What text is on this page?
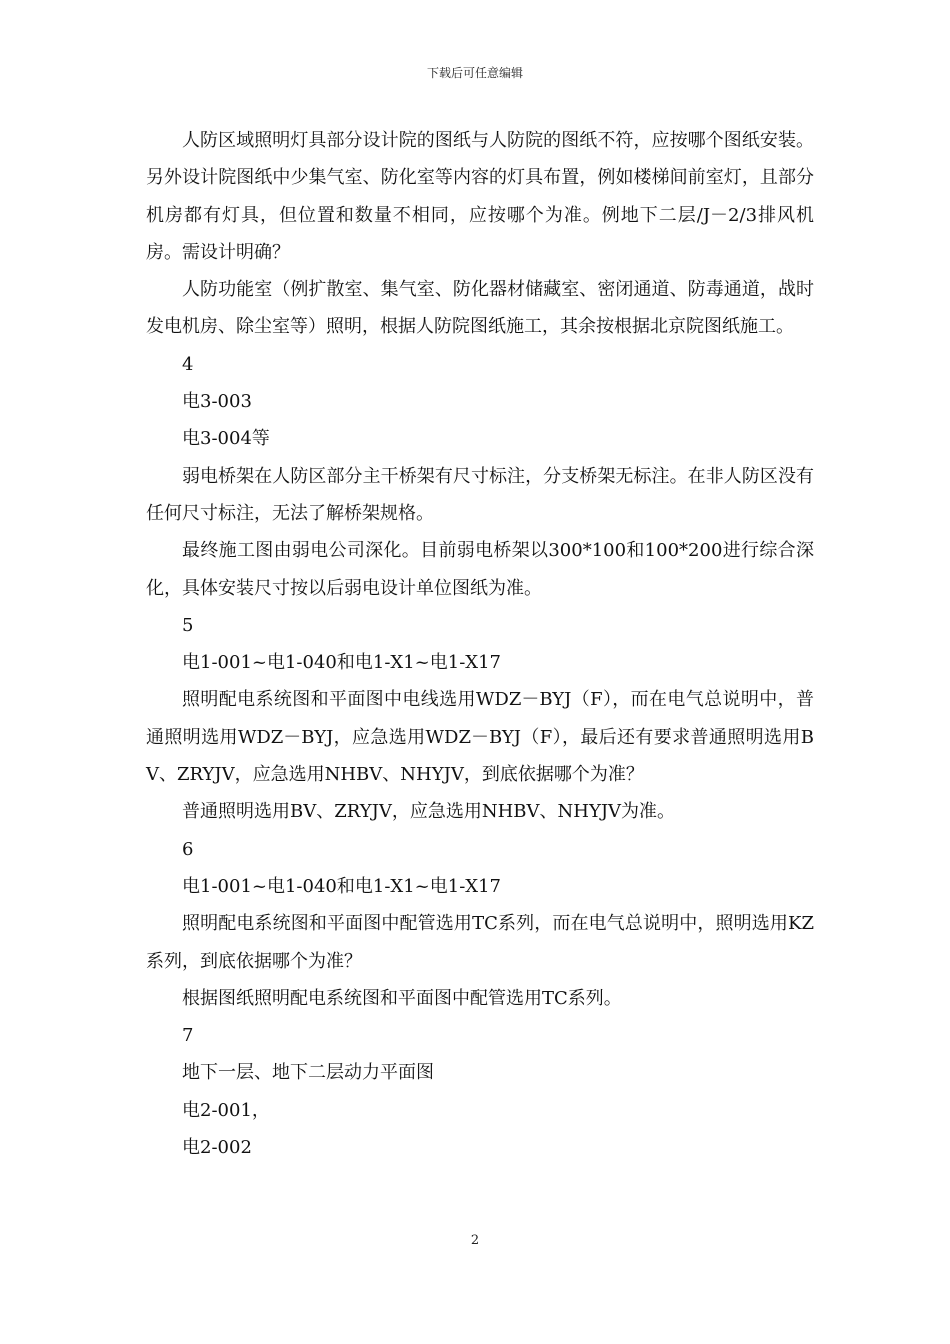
下载后可任意编辑

人防区域照明灯具部分设计院的图纸与人防院的图纸不符，应按哪个图纸安装。另外设计院图纸中少集气室、防化室等内容的灯具布置，例如楼梯间前室灯，且部分机房都有灯具，但位置和数量不相同，应按哪个为准。例地下二层/J－2/3排风机房。需设计明确？

人防功能室（例扩散室、集气室、防化器材储藏室、密闭通道、防毒通道，战时发电机房、除尘室等）照明，根据人防院图纸施工，其余按根据北京院图纸施工。

4

电3-003

电3-004等

弱电桥架在人防区部分主干桥架有尺寸标注，分支桥架无标注。在非人防区没有任何尺寸标注，无法了解桥架规格。

最终施工图由弱电公司深化。目前弱电桥架以300*100和100*200进行综合深化，具体安装尺寸按以后弱电设计单位图纸为准。

5

电1-001~电1-040和电1-X1~电1-X17

照明配电系统图和平面图中电线选用WDZ－BYJ（F），而在电气总说明中，普通照明选用WDZ－BYJ，应急选用WDZ－BYJ（F），最后还有要求普通照明选用BV、ZRYJV，应急选用NHBV、NHYJV，到底依据哪个为准？

普通照明选用BV、ZRYJV，应急选用NHBV、NHYJV为准。

6

电1-001~电1-040和电1-X1~电1-X17

照明配电系统图和平面图中配管选用TC系列，而在电气总说明中，照明选用KZ系列，到底依据哪个为准？

根据图纸照明配电系统图和平面图中配管选用TC系列。

7

地下一层、地下二层动力平面图

电2-001，

电2-002

2
